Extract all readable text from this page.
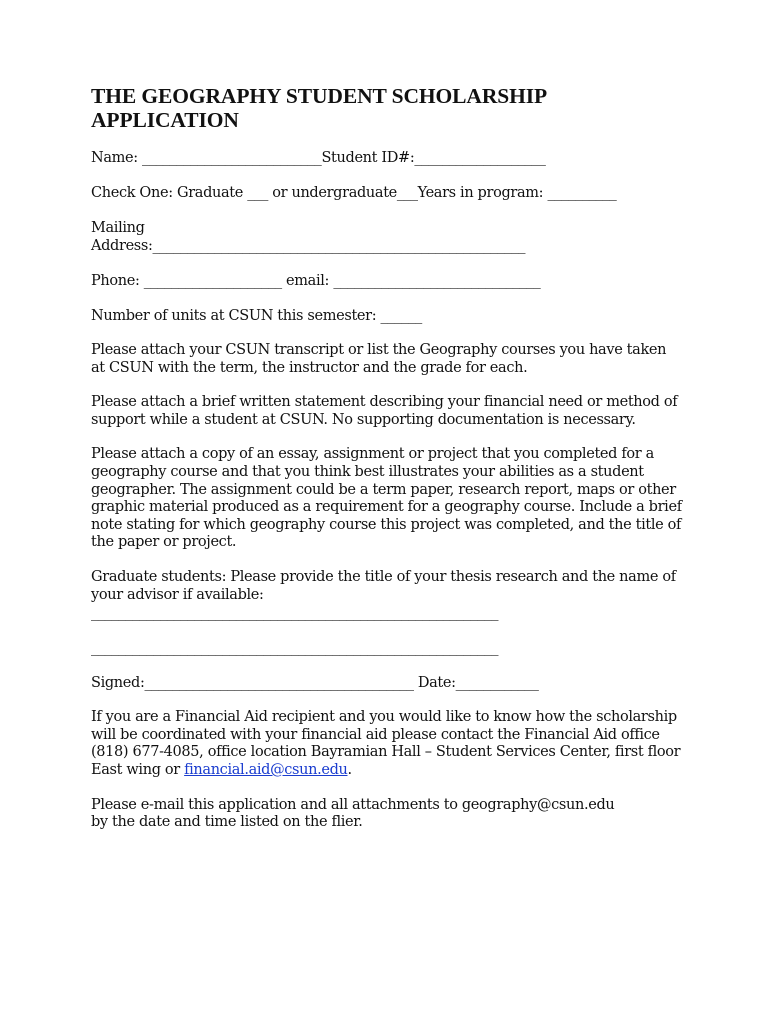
THE GEOGRAPHY STUDENT SCHOLARSHIP APPLICATION
Name: __________________________Student ID#:___________________
Check One: Graduate ___ or undergraduate___Years in program: __________
Mailing
Address:______________________________________________________
Phone: ____________________ email: ______________________________
Number of units at CSUN this semester: ______

Please attach your CSUN transcript or list the Geography courses you have taken at CSUN with the term, the instructor and the grade for each.

Please attach a brief written statement describing your financial need or method of support while a student at CSUN. No supporting documentation is necessary.

Please attach a copy of an essay, assignment or project that you completed for a geography course and that you think best illustrates your abilities as a student geographer. The assignment could be a term paper, research report, maps or other graphic material produced as a requirement for a geography course. Include a brief note stating for which geography course this project was completed, and the title of the paper or project.

Graduate students: Please provide the title of your thesis research and the name of your advisor if available:

___________________________________________________________
___________________________________________________________
Signed:_______________________________________ Date:____________

If you are a Financial Aid recipient and you would like to know how the scholarship will be coordinated with your financial aid please contact the Financial Aid office (818) 677-4085, office location Bayramian Hall – Student Services Center, first floor East wing or financial.aid@csun.edu.

Please e-mail this application and all attachments to geography@csun.edu

by the date and time listed on the flier.
